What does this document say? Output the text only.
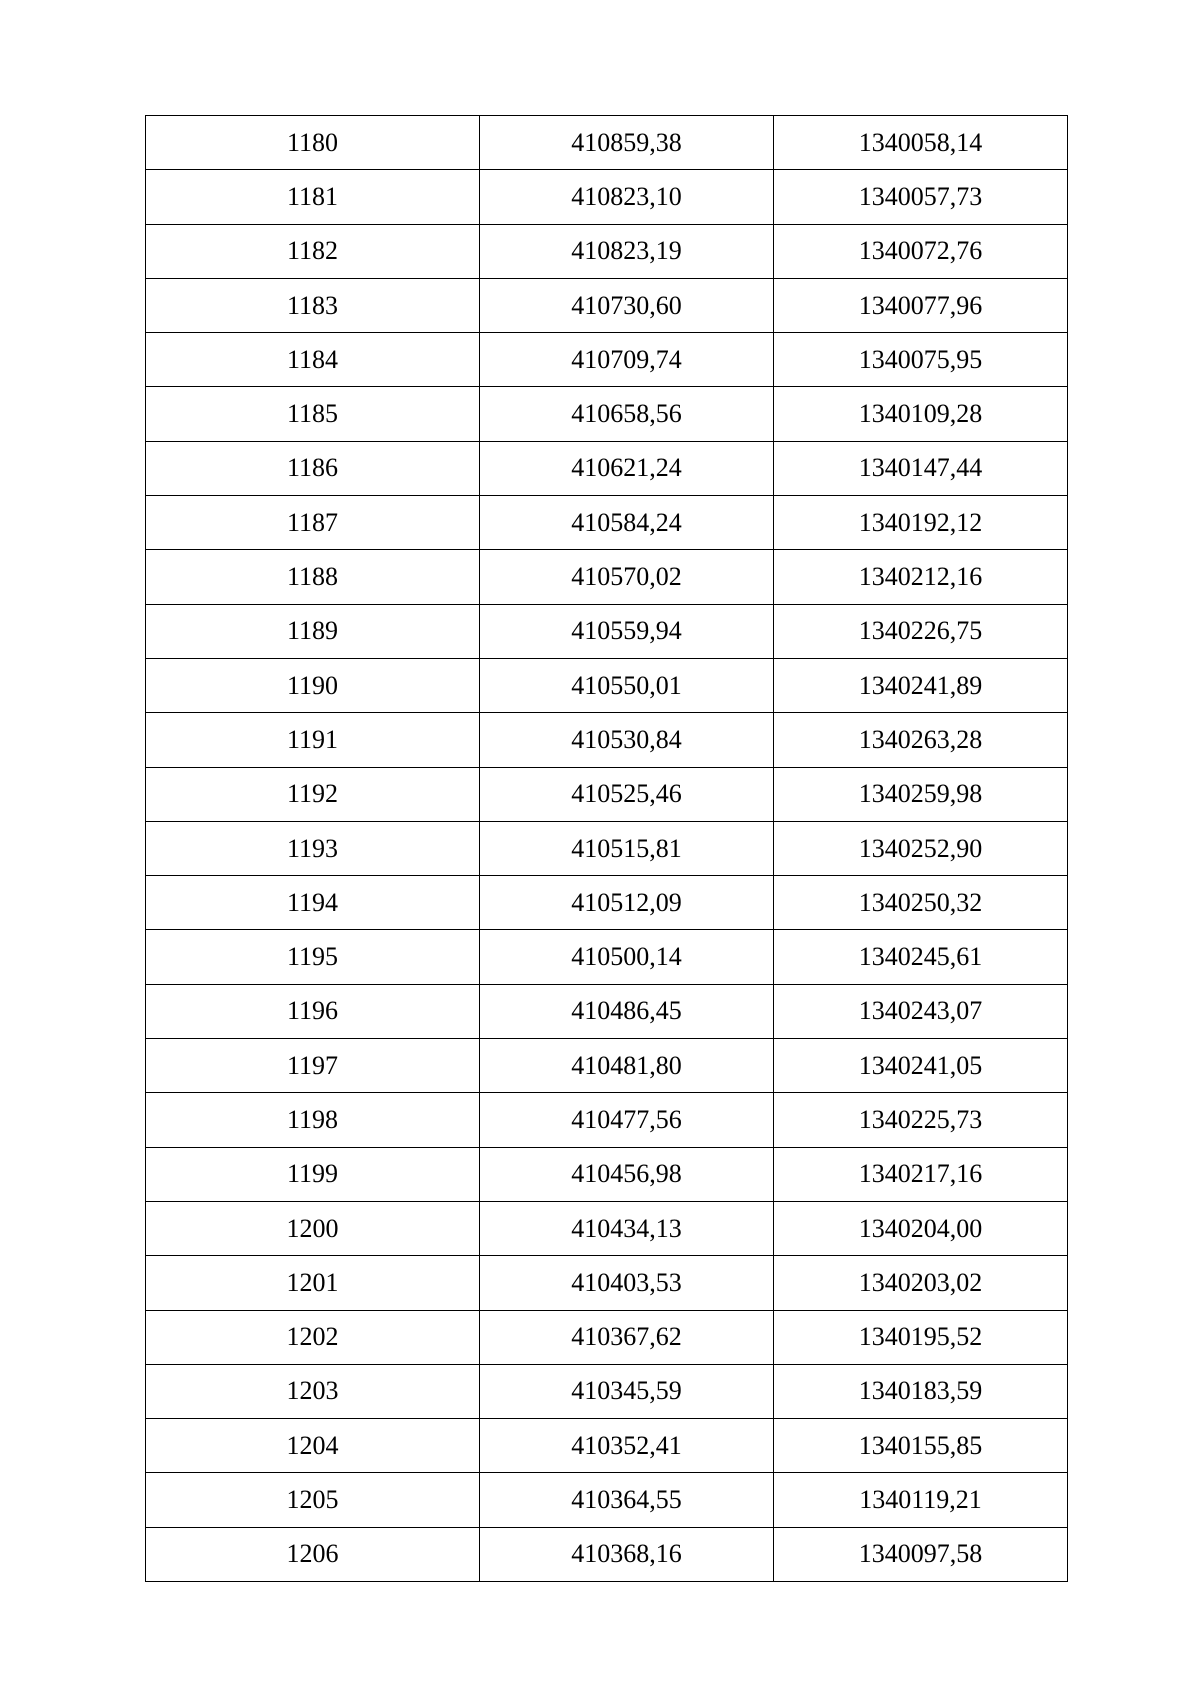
1180	410859,38	1340058,14
1181	410823,10	1340057,73
1182	410823,19	1340072,76
1183	410730,60	1340077,96
1184	410709,74	1340075,95
1185	410658,56	1340109,28
1186	410621,24	1340147,44
1187	410584,24	1340192,12
1188	410570,02	1340212,16
1189	410559,94	1340226,75
1190	410550,01	1340241,89
1191	410530,84	1340263,28
1192	410525,46	1340259,98
1193	410515,81	1340252,90
1194	410512,09	1340250,32
1195	410500,14	1340245,61
1196	410486,45	1340243,07
1197	410481,80	1340241,05
1198	410477,56	1340225,73
1199	410456,98	1340217,16
1200	410434,13	1340204,00
1201	410403,53	1340203,02
1202	410367,62	1340195,52
1203	410345,59	1340183,59
1204	410352,41	1340155,85
1205	410364,55	1340119,21
1206	410368,16	1340097,58
